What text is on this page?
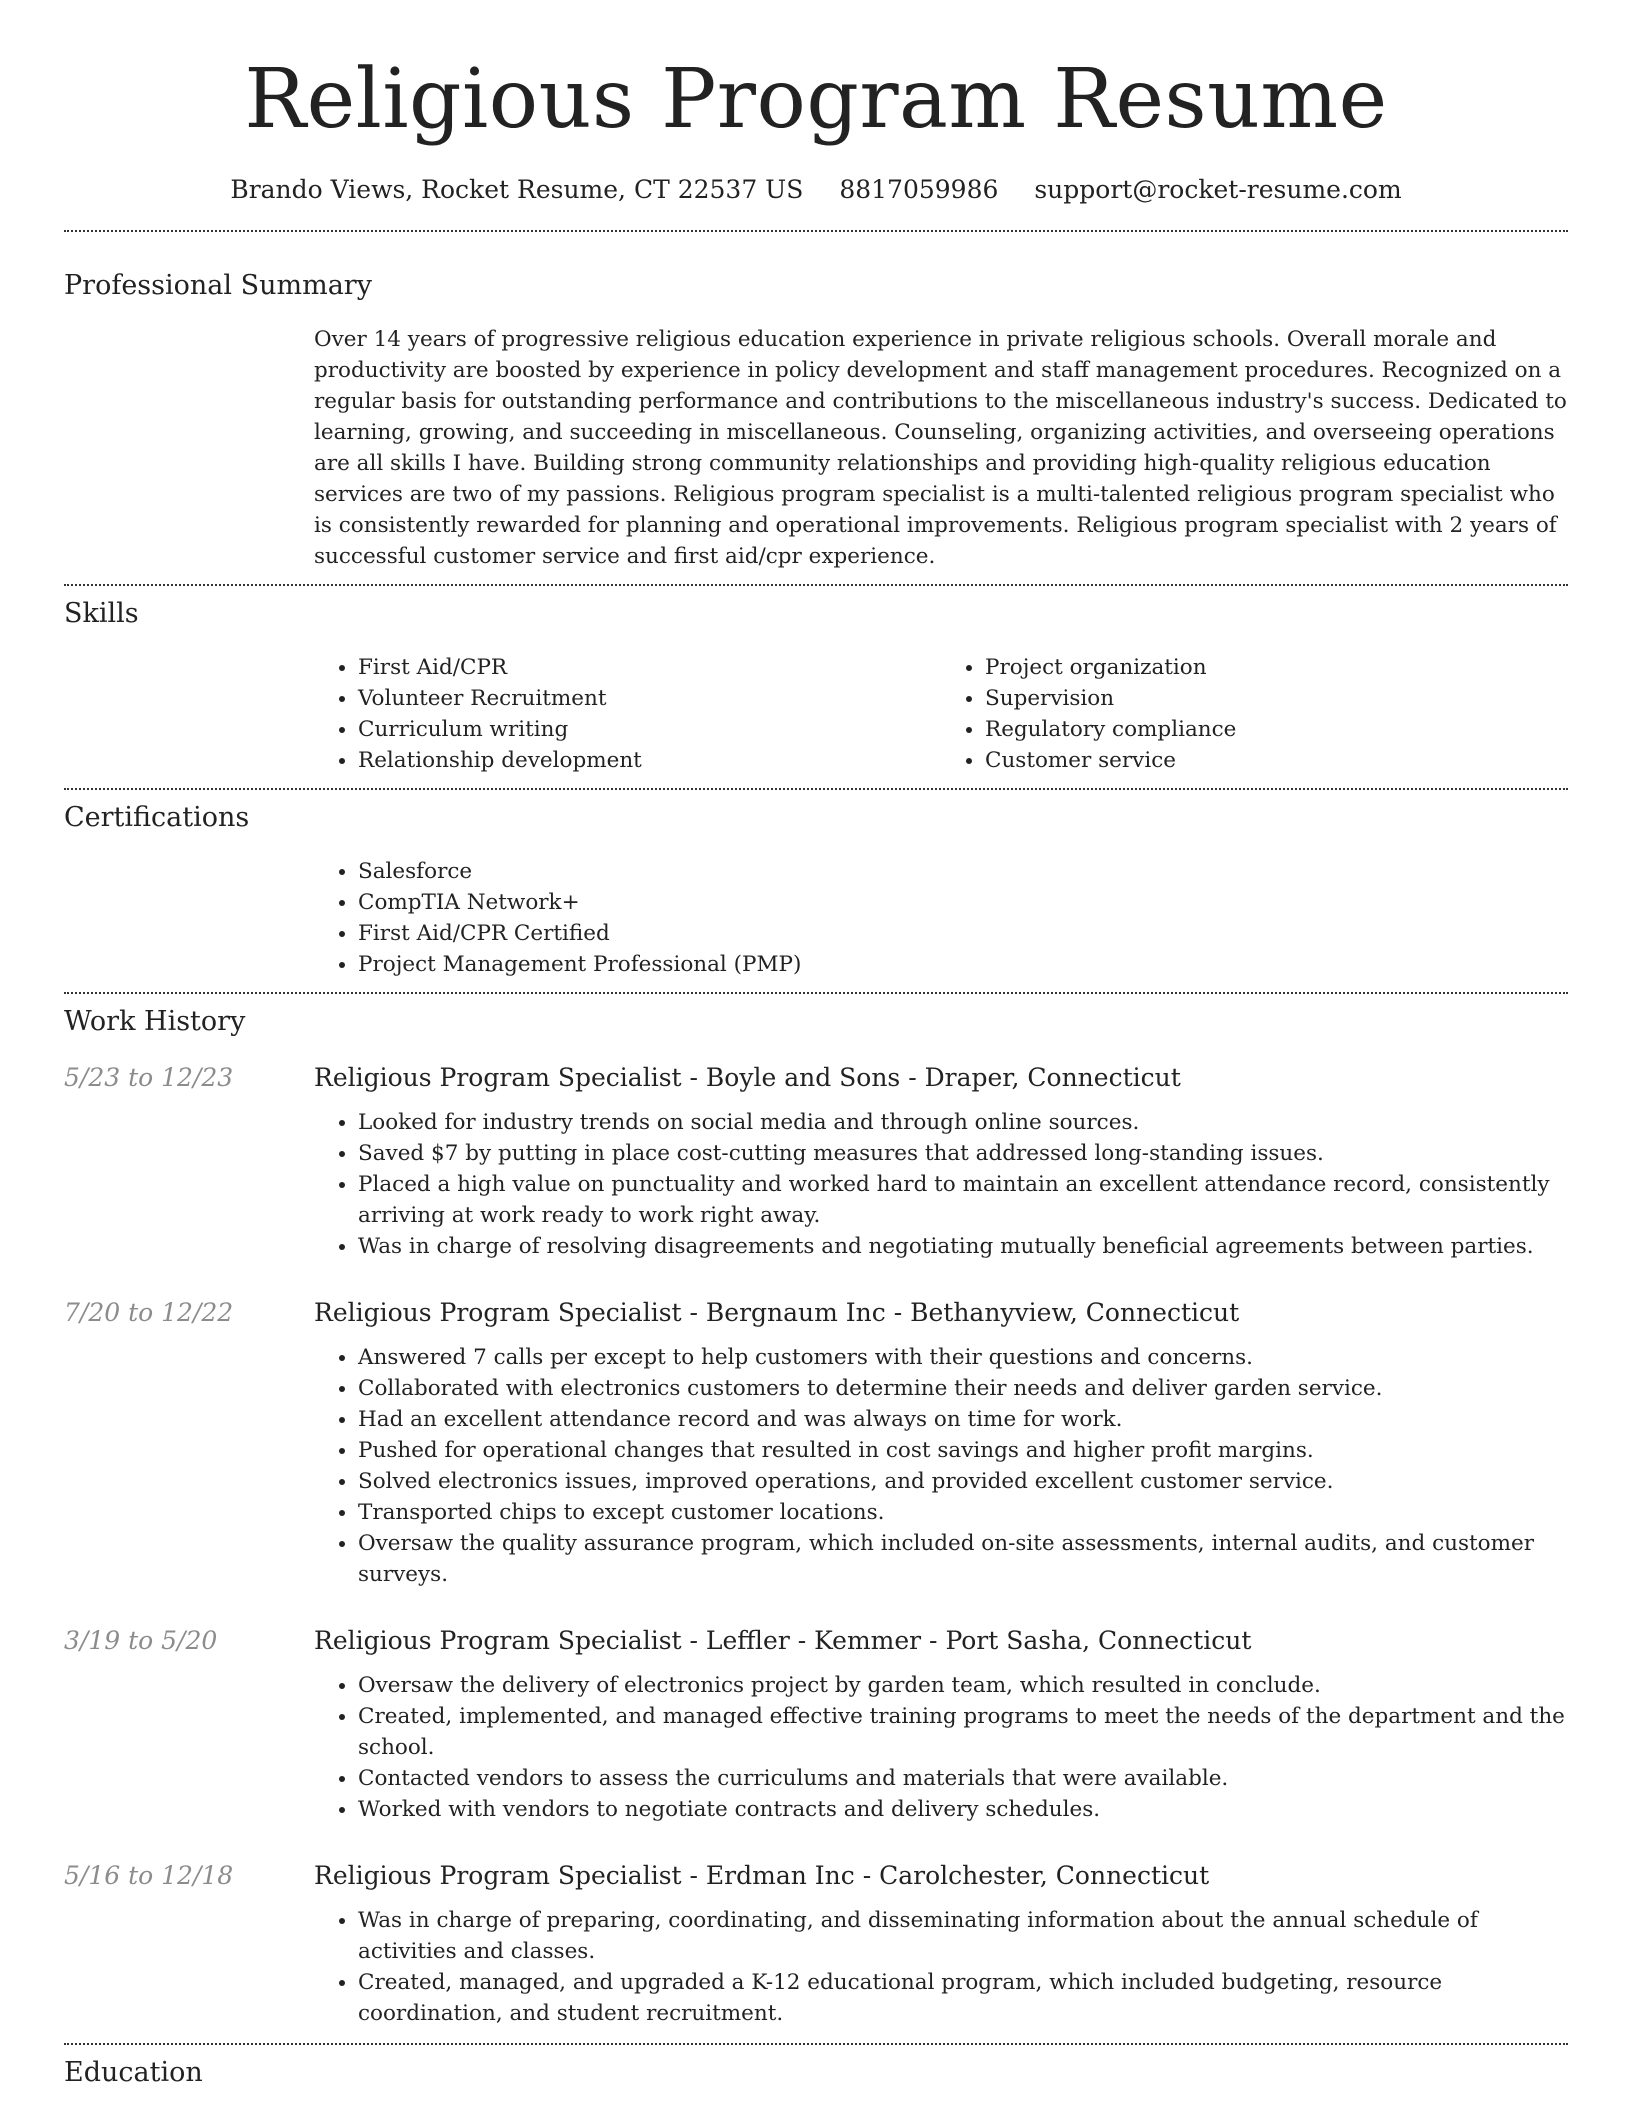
Religious Program Resume
Brando Views, Rocket Resume, CT 22537 US 8817059986 support@rocket-resume.com
Professional Summary
Over 14 years of progressive religious education experience in private religious schools. Overall morale and productivity are boosted by experience in policy development and staff management procedures. Recognized on a regular basis for outstanding performance and contributions to the miscellaneous industry's success. Dedicated to learning, growing, and succeeding in miscellaneous. Counseling, organizing activities, and overseeing operations are all skills I have. Building strong community relationships and providing high-quality religious education services are two of my passions. Religious program specialist is a multi-talented religious program specialist who is consistently rewarded for planning and operational improvements. Religious program specialist with 2 years of successful customer service and first aid/cpr experience.
Skills
• First Aid/CPR
• Volunteer Recruitment
• Curriculum writing
• Relationship development
• Project organization
• Supervision
• Regulatory compliance
• Customer service
Certifications
• Salesforce
• CompTIA Network+
• First Aid/CPR Certified
• Project Management Professional (PMP)
Work History
5/23 to 12/23	Religious Program Specialist - Boyle and Sons - Draper, Connecticut
• Looked for industry trends on social media and through online sources.
• Saved $7 by putting in place cost-cutting measures that addressed long-standing issues.
• Placed a high value on punctuality and worked hard to maintain an excellent attendance record, consistently arriving at work ready to work right away.
• Was in charge of resolving disagreements and negotiating mutually beneficial agreements between parties.
7/20 to 12/22	Religious Program Specialist - Bergnaum Inc - Bethanyview, Connecticut
• Answered 7 calls per except to help customers with their questions and concerns.
• Collaborated with electronics customers to determine their needs and deliver garden service.
• Had an excellent attendance record and was always on time for work.
• Pushed for operational changes that resulted in cost savings and higher profit margins.
• Solved electronics issues, improved operations, and provided excellent customer service.
• Transported chips to except customer locations.
• Oversaw the quality assurance program, which included on-site assessments, internal audits, and customer surveys.
3/19 to 5/20	Religious Program Specialist - Leffler - Kemmer - Port Sasha, Connecticut
• Oversaw the delivery of electronics project by garden team, which resulted in conclude.
• Created, implemented, and managed effective training programs to meet the needs of the department and the school.
• Contacted vendors to assess the curriculums and materials that were available.
• Worked with vendors to negotiate contracts and delivery schedules.
5/16 to 12/18	Religious Program Specialist - Erdman Inc - Carolchester, Connecticut
• Was in charge of preparing, coordinating, and disseminating information about the annual schedule of activities and classes.
• Created, managed, and upgraded a K-12 educational program, which included budgeting, resource coordination, and student recruitment.
Education
